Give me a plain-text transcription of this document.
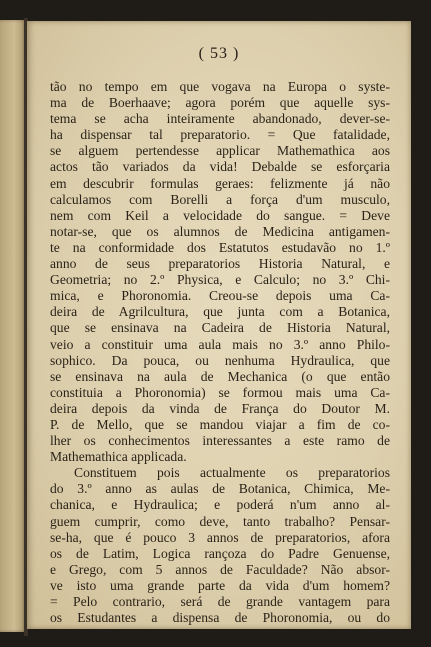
( 53 )
tão no tempo em que vogava na Europa o syste-
ma de Boerhaave; agora porém que aquelle sys-
tema se acha inteiramente abandonado, dever-se-
ha dispensar tal preparatorio. = Que fatalidade,
se alguem pertendesse applicar Mathemathica aos
actos tão variados da vida! Debalde se esforçaria
em descubrir formulas geraes: felizmente já não
calculamos com Borelli a força d'um musculo,
nem com Keil a velocidade do sangue. = Deve
notar-se, que os alumnos de Medicina antigamen-
te na conformidade dos Estatutos estudavão no 1.º
anno de seus preparatorios Historia Natural, e
Geometria; no 2.º Physica, e Calculo; no 3.º Chi-
mica, e Phoronomia. Creou-se depois uma Ca-
deira de Agrilcultura, que junta com a Botanica,
que se ensinava na Cadeira de Historia Natural,
veio a constituir uma aula mais no 3.º anno Philo-
sophico. Da pouca, ou nenhuma Hydraulica, que
se ensinava na aula de Mechanica (o que então
constituia a Phoronomia) se formou mais uma Ca-
deira depois da vinda de França do Doutor M.
P. de Mello, que se mandou viajar a fim de co-
lher os conhecimentos interessantes a este ramo de
Mathemathica applicada.
Constituem pois actualmente os preparatorios
do 3.º anno as aulas de Botanica, Chimica, Me-
chanica, e Hydraulica; e poderá n'um anno al-
guem cumprir, como deve, tanto trabalho? Pensar-
se-ha, que é pouco 3 annos de preparatorios, afora
os de Latim, Logica rançoza do Padre Genuense,
e Grego, com 5 annos de Faculdade? Não absor-
ve isto uma grande parte da vida d'um homem?
= Pelo contrario, será de grande vantagem para
os Estudantes a dispensa de Phoronomia, ou do
